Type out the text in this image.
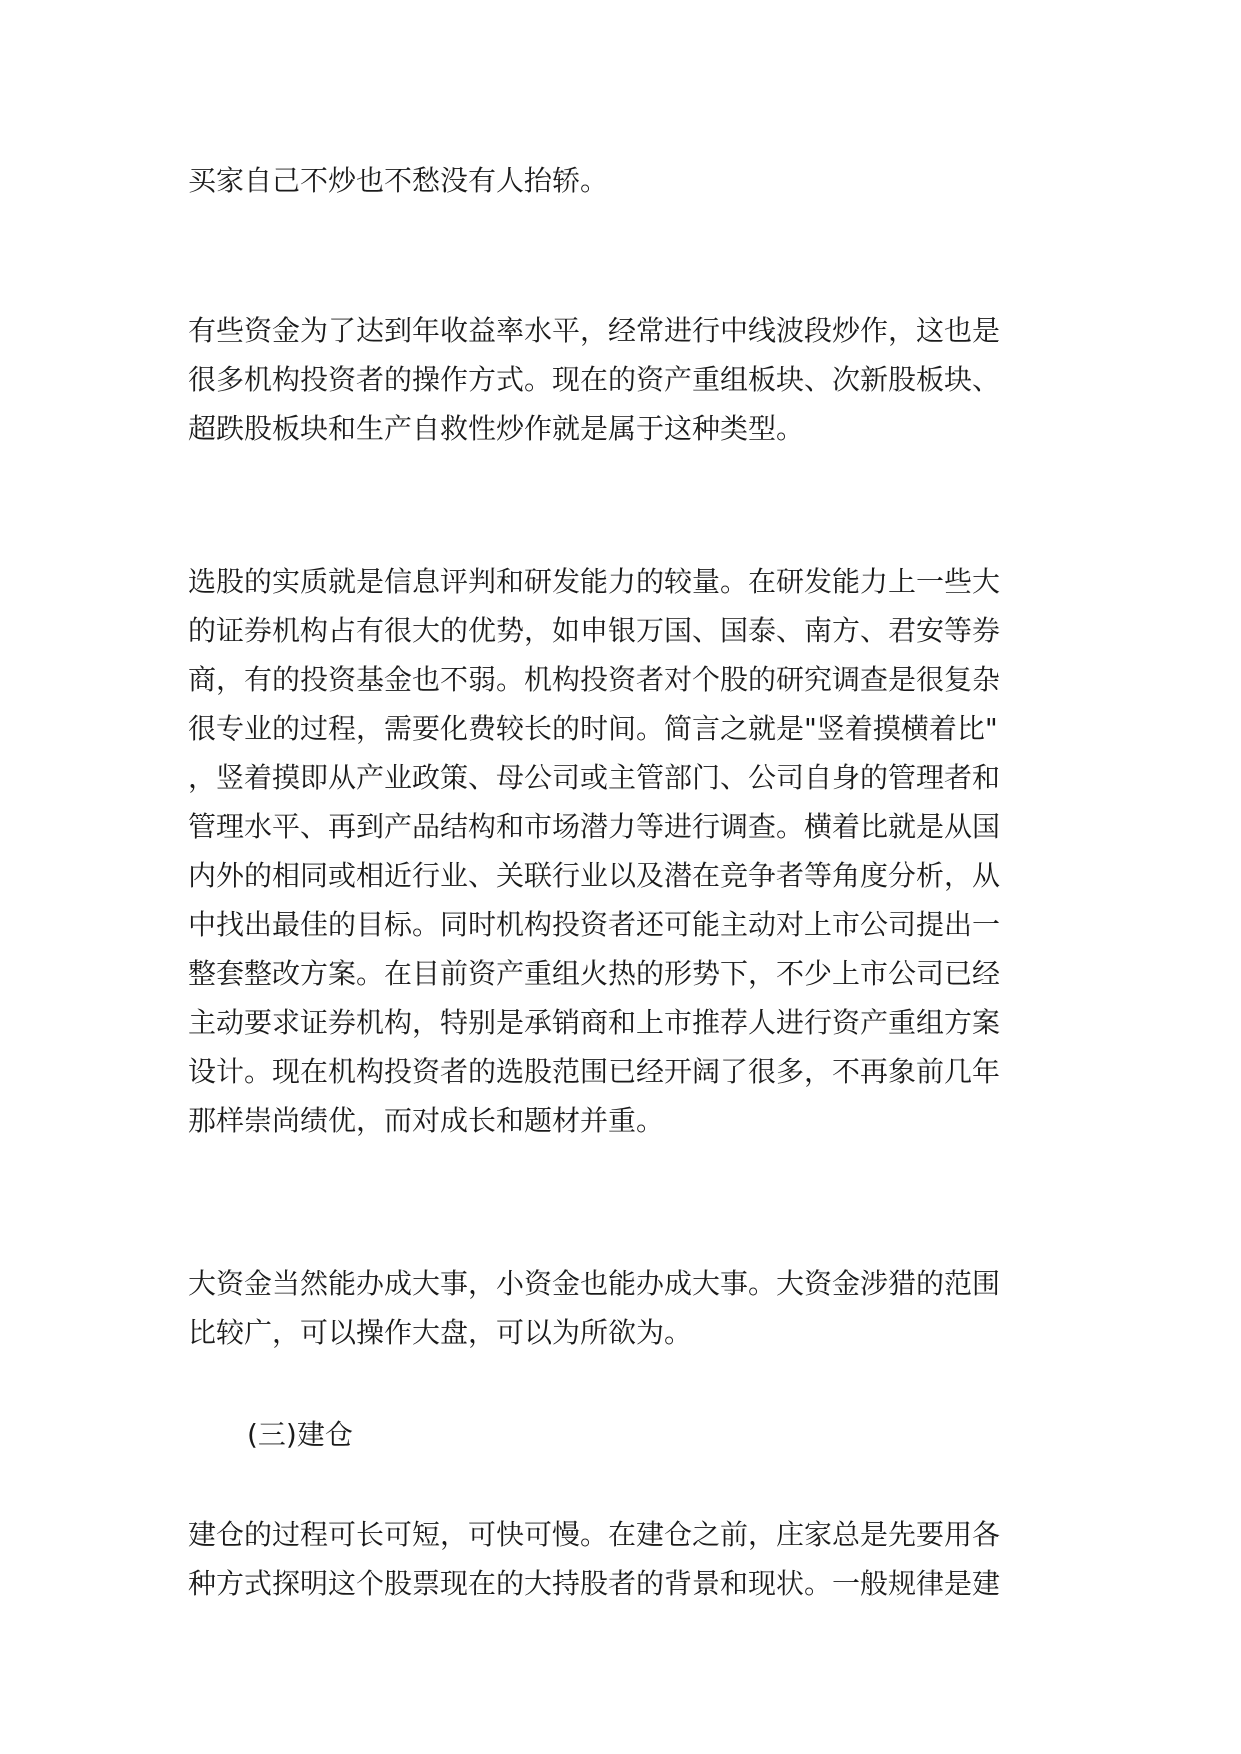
买家自己不炒也不愁没有人抬轿。

有些资金为了达到年收益率水平，经常进行中线波段炒作，这也是
很多机构投资者的操作方式。现在的资产重组板块、次新股板块、
超跌股板块和生产自救性炒作就是属于这种类型。

选股的实质就是信息评判和研发能力的较量。在研发能力上一些大
的证券机构占有很大的优势，如申银万国、国泰、南方、君安等券
商，有的投资基金也不弱。机构投资者对个股的研究调查是很复杂
很专业的过程，需要化费较长的时间。简言之就是"竖着摸横着比"
，竖着摸即从产业政策、母公司或主管部门、公司自身的管理者和
管理水平、再到产品结构和市场潜力等进行调查。横着比就是从国
内外的相同或相近行业、关联行业以及潜在竞争者等角度分析，从
中找出最佳的目标。同时机构投资者还可能主动对上市公司提出一
整套整改方案。在目前资产重组火热的形势下，不少上市公司已经
主动要求证券机构，特别是承销商和上市推荐人进行资产重组方案
设计。现在机构投资者的选股范围已经开阔了很多，不再象前几年
那样崇尚绩优，而对成长和题材并重。

大资金当然能办成大事，小资金也能办成大事。大资金涉猎的范围
比较广，可以操作大盘，可以为所欲为。

(三)建仓

建仓的过程可长可短，可快可慢。在建仓之前，庄家总是先要用各
种方式探明这个股票现在的大持股者的背景和现状。一般规律是建
